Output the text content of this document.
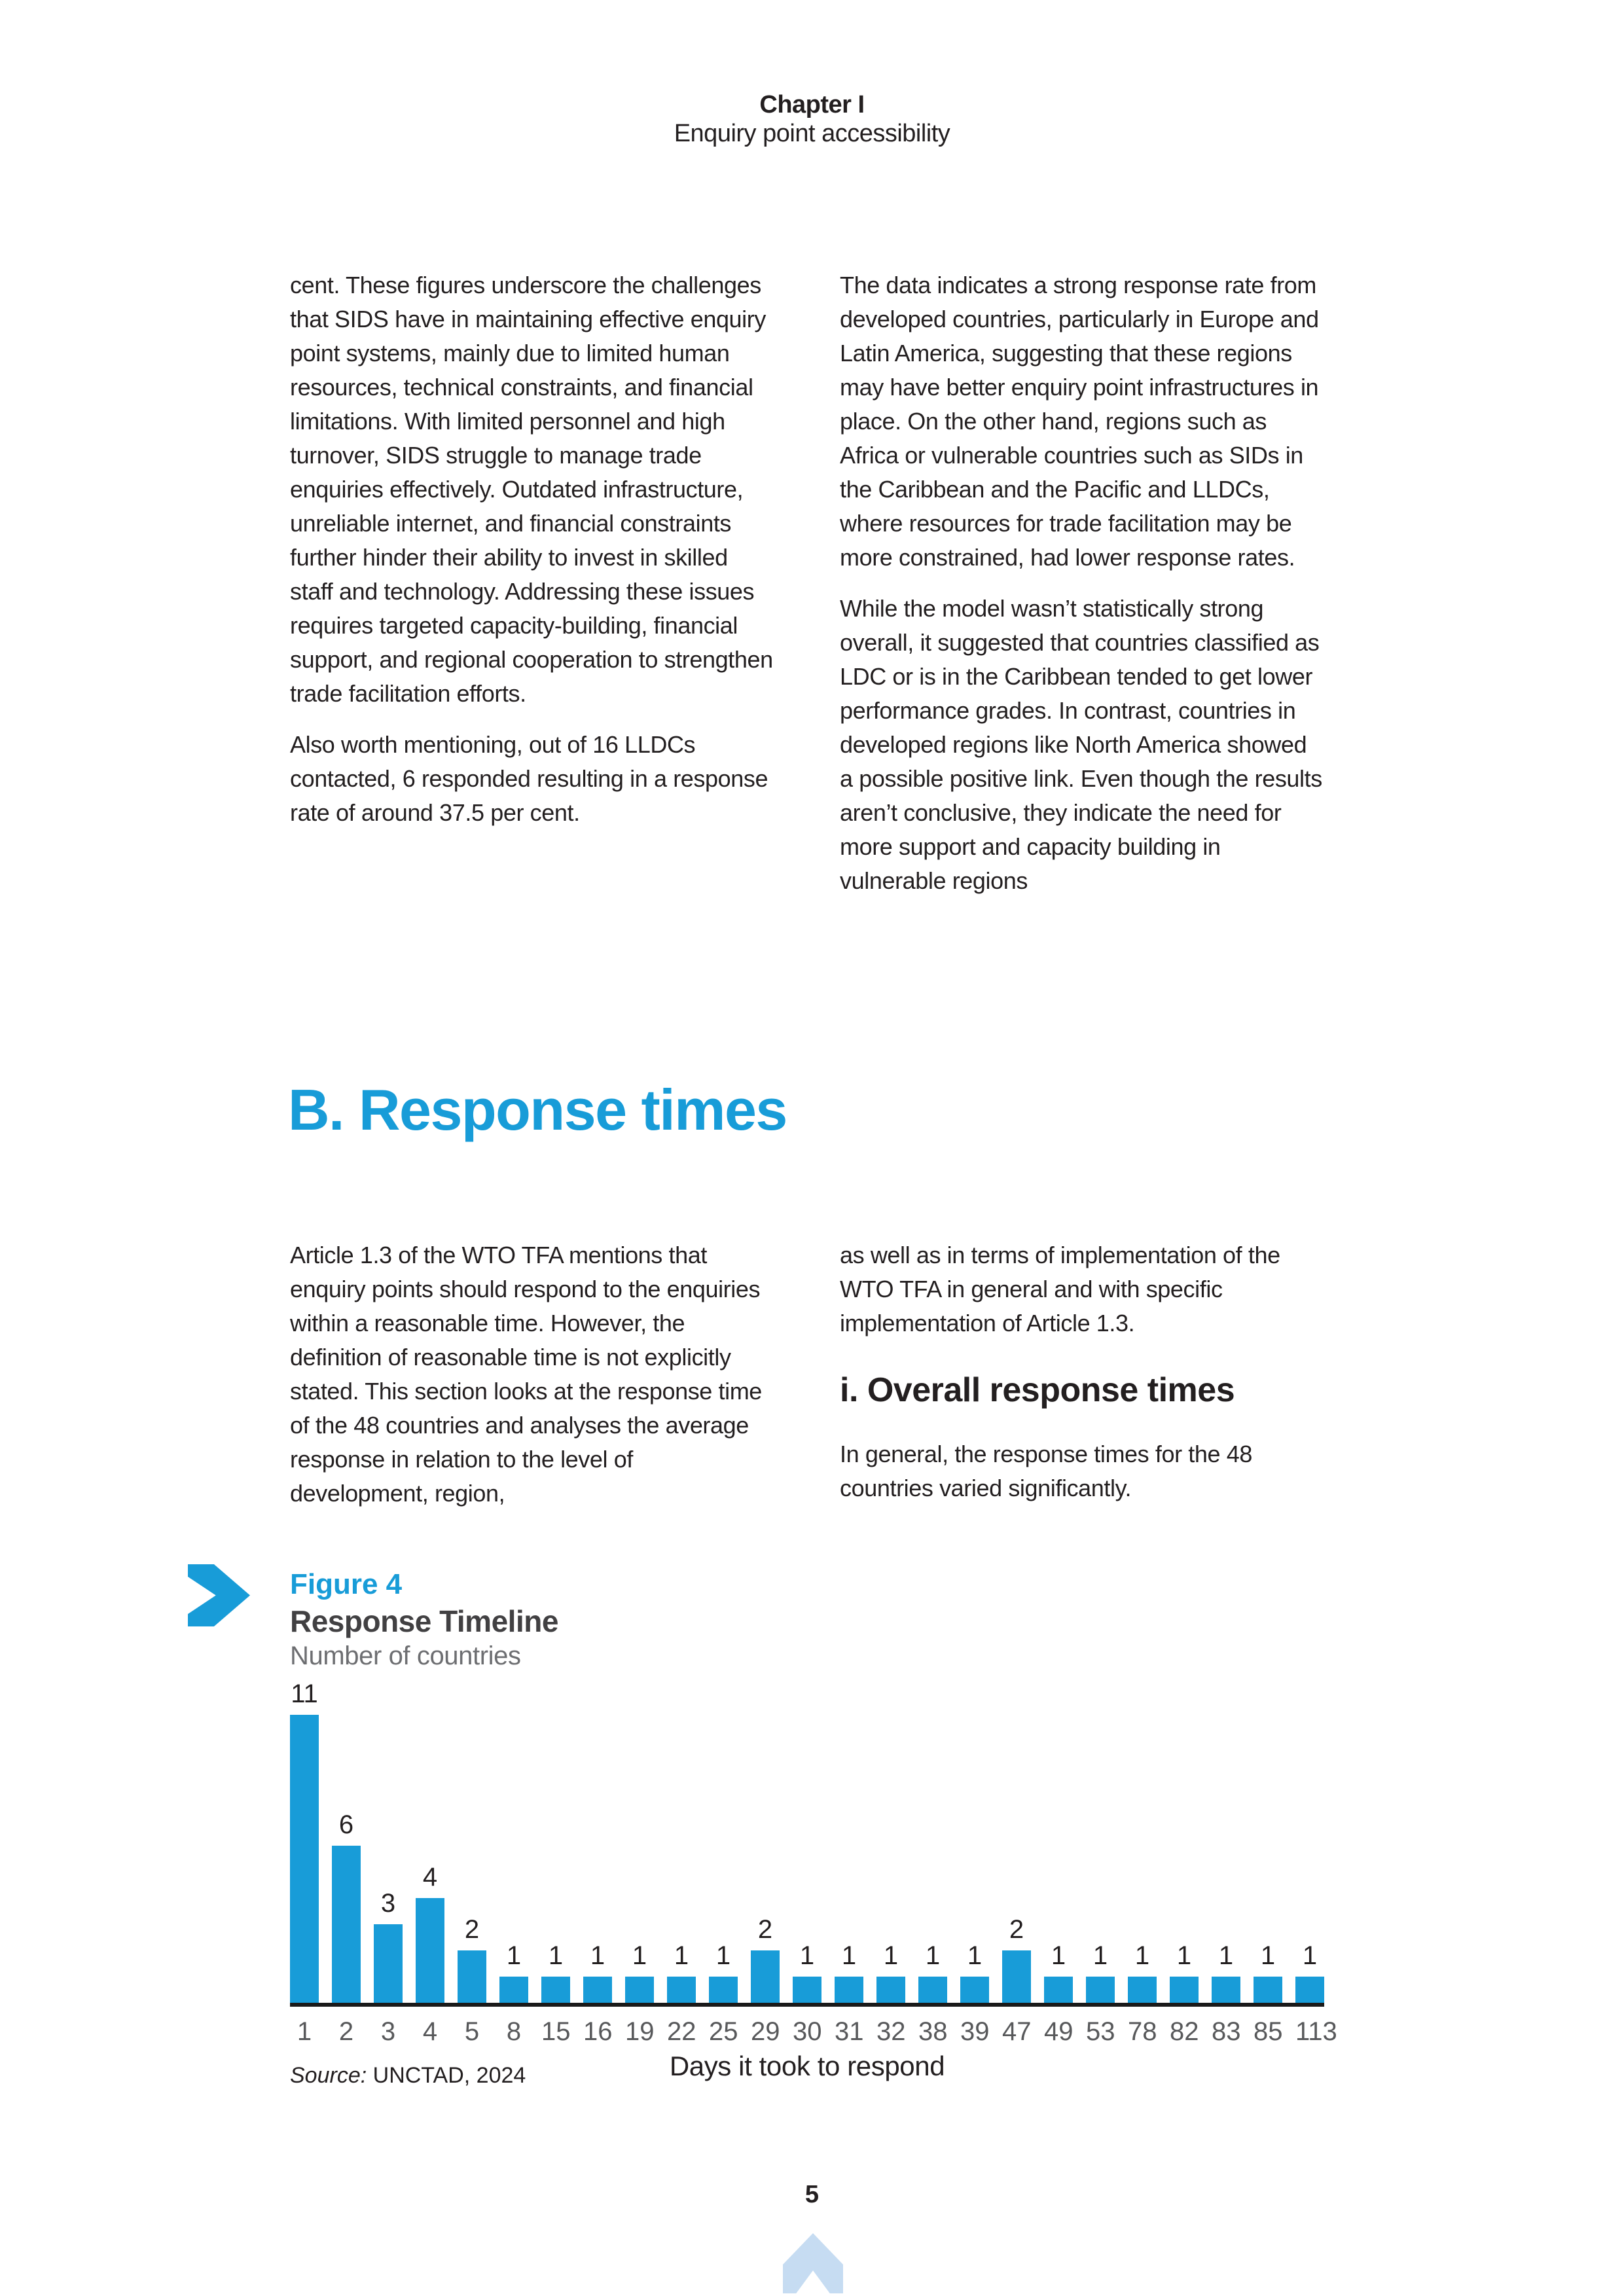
Chapter I
Enquiry point accessibility

cent. These figures underscore the challenges that SIDS have in maintaining effective enquiry point systems, mainly due to limited human resources, technical constraints, and financial limitations. With limited personnel and high turnover, SIDS struggle to manage trade enquiries effectively. Outdated infrastructure, unreliable internet, and financial constraints further hinder their ability to invest in skilled staff and technology. Addressing these issues requires targeted capacity-building, financial support, and regional cooperation to strengthen trade facilitation efforts.

Also worth mentioning, out of 16 LLDCs contacted, 6 responded resulting in a response rate of around 37.5 per cent.

The data indicates a strong response rate from developed countries, particularly in Europe and Latin America, suggesting that these regions may have better enquiry point infrastructures in place. On the other hand, regions such as Africa or vulnerable countries such as SIDs in the Caribbean and the Pacific and LLDCs, where resources for trade facilitation may be more constrained, had lower response rates.

While the model wasn’t statistically strong overall, it suggested that countries classified as LDC or is in the Caribbean tended to get lower performance grades. In contrast, countries in developed regions like North America showed a possible positive link. Even though the results aren’t conclusive, they indicate the need for more support and capacity building in vulnerable regions

B. Response times

Article 1.3 of the WTO TFA mentions that enquiry points should respond to the enquiries within a reasonable time. However, the definition of reasonable time is not explicitly stated. This section looks at the response time of the 48 countries and analyses the average response in relation to the level of development, region,

as well as in terms of implementation of the WTO TFA in general and with specific implementation of Article 1.3.

i. Overall response times

In general, the response times for the 48 countries varied significantly.

Figure 4
Response Timeline
Number of countries
11
6
3
4
2
1 1 1 1 1 1
2
1 1 1 1 1
2
1 1 1 1 1 1 1
1 2 3 4 5 8 15 16 19 22 25 29 30 31 32 38 39 47 49 53 78 82 83 85 113
Days it took to respond
Source: UNCTAD, 2024
5
